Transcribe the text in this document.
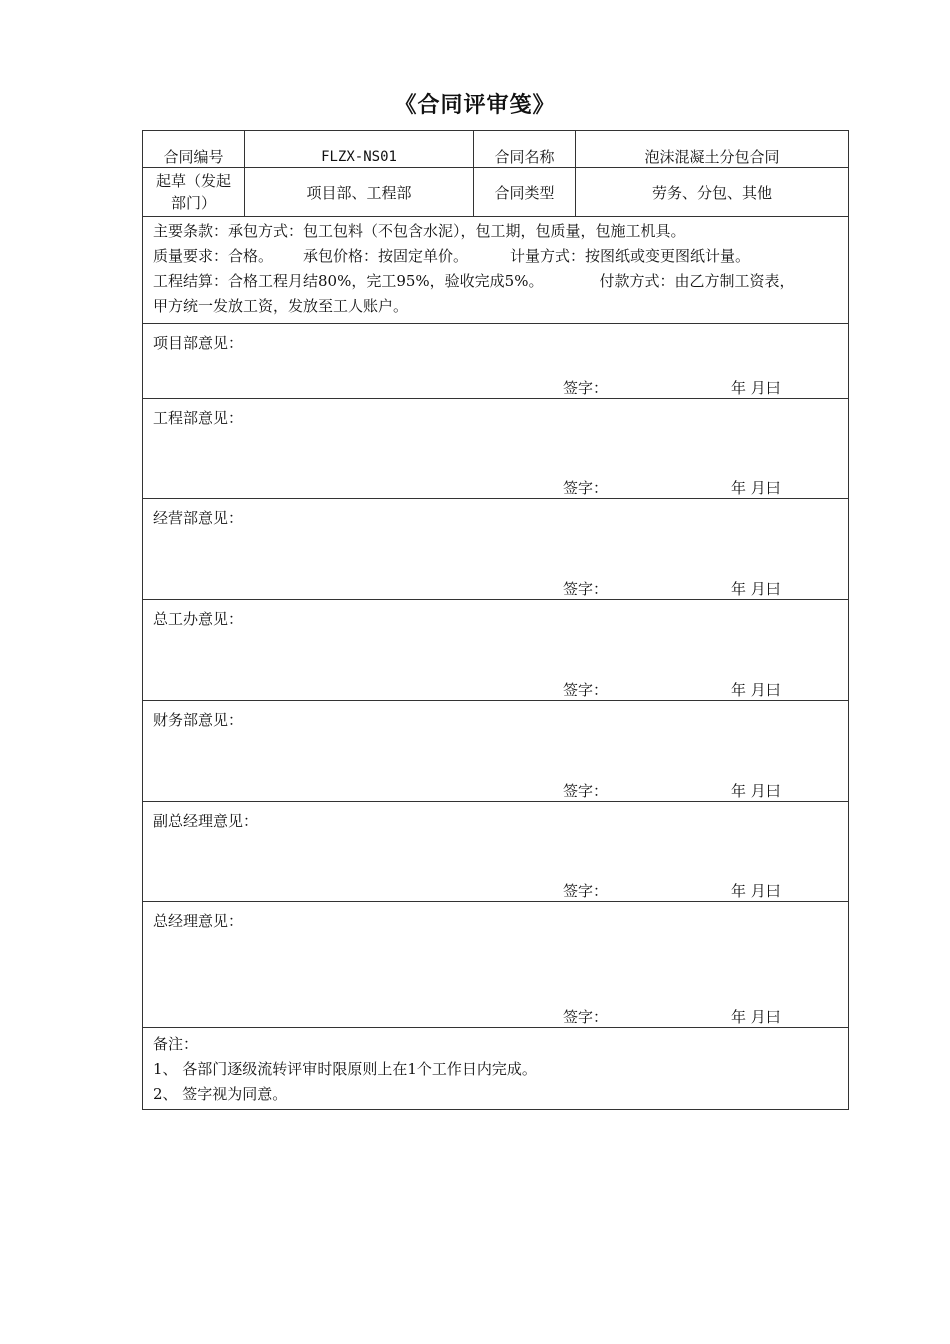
《合同评审笺》
合同编号	FLZX-NS01	合同名称	泡沫混凝土分包合同

起草（发起部门）	项目部、工程部	合同类型	劳务、分包、其他

主要条款：承包方式：包工包料（不包含水泥），包工期，包质量，包施工机具。
质量要求：合格。 承包价格：按固定单价。 计量方式：按图纸或变更图纸计量。
工程结算：合格工程月结80%，完工95%，验收完成5%。 付款方式：由乙方制工资表，
甲方统一发放工资，发放至工人账户。			

项目部意见：
签字： 年 月曰			

工程部意见：
签字： 年 月曰			

经营部意见：
签字： 年 月曰			

总工办意见：
签字： 年 月曰			

财务部意见：
签字： 年 月曰			

副总经理意见：
签字： 年 月曰			

总经理意见：
签字： 年 月曰			

备注：
1、 各部门逐级流转评审时限原则上在1个工作日内完成。
2、 签字视为同意。			
